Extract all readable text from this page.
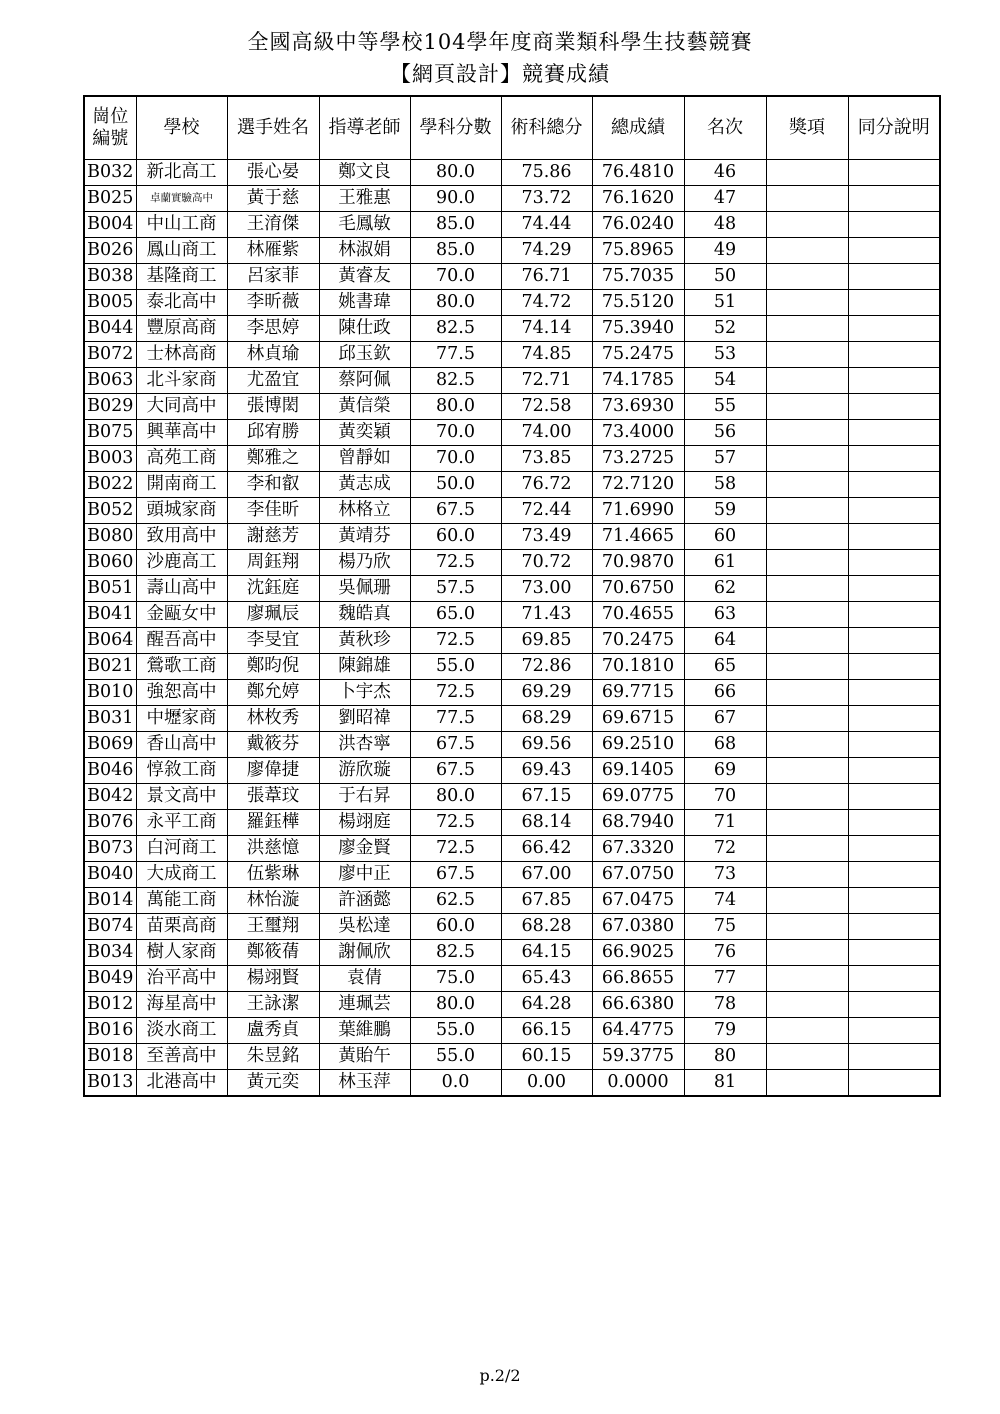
全國高級中等學校104學年度商業類科學生技藝競賽
【網頁設計】競賽成績
崗位編號	學校	選手姓名	指導老師	學科分數	術科總分	總成績	名次	獎項	同分說明
B032	新北高工	張心晏	鄭文良	80.0	75.86	76.4810	46		
B025	卓蘭實驗高中	黃于慈	王雅惠	90.0	73.72	76.1620	47		
B004	中山工商	王淯傑	毛鳳敏	85.0	74.44	76.0240	48		
B026	鳳山商工	林雁紫	林淑娟	85.0	74.29	75.8965	49		
B038	基隆商工	呂家菲	黃睿友	70.0	76.71	75.7035	50		
B005	泰北高中	李昕薇	姚書瑋	80.0	74.72	75.5120	51		
B044	豐原高商	李思婷	陳仕政	82.5	74.14	75.3940	52		
B072	士林高商	林貞瑜	邱玉欽	77.5	74.85	75.2475	53		
B063	北斗家商	尤盈宜	蔡阿佩	82.5	72.71	74.1785	54		
B029	大同高中	張博閎	黃信榮	80.0	72.58	73.6930	55		
B075	興華高中	邱宥勝	黃奕穎	70.0	74.00	73.4000	56		
B003	高苑工商	鄭雅之	曾靜如	70.0	73.85	73.2725	57		
B022	開南商工	李和叡	黃志成	50.0	76.72	72.7120	58		
B052	頭城家商	李佳昕	林格立	67.5	72.44	71.6990	59		
B080	致用高中	謝慈芳	黃靖芬	60.0	73.49	71.4665	60		
B060	沙鹿高工	周鈺翔	楊乃欣	72.5	70.72	70.9870	61		
B051	壽山高中	沈鈺庭	吳佩珊	57.5	73.00	70.6750	62		
B041	金甌女中	廖珮辰	魏皓真	65.0	71.43	70.4655	63		
B064	醒吾高中	李旻宜	黃秋珍	72.5	69.85	70.2475	64		
B021	鶯歌工商	鄭昀倪	陳錦雄	55.0	72.86	70.1810	65		
B010	強恕高中	鄭允婷	卜宇杰	72.5	69.29	69.7715	66		
B031	中壢家商	林枚秀	劉昭禕	77.5	68.29	69.6715	67		
B069	香山高中	戴筱芬	洪杏寧	67.5	69.56	69.2510	68		
B046	惇敘工商	廖偉捷	游欣璇	67.5	69.43	69.1405	69		
B042	景文高中	張葦玟	于右昇	80.0	67.15	69.0775	70		
B076	永平工商	羅鈺樺	楊翊庭	72.5	68.14	68.7940	71		
B073	白河商工	洪慈憶	廖金賢	72.5	66.42	67.3320	72		
B040	大成商工	伍紫琳	廖中正	67.5	67.00	67.0750	73		
B014	萬能工商	林怡漩	許涵懿	62.5	67.85	67.0475	74		
B074	苗栗高商	王璽翔	吳松達	60.0	68.28	67.0380	75		
B034	樹人家商	鄭筱蒨	謝佩欣	82.5	64.15	66.9025	76		
B049	治平高中	楊翊賢	袁倩	75.0	65.43	66.8655	77		
B012	海星高中	王詠潔	連珮芸	80.0	64.28	66.6380	78		
B016	淡水商工	盧秀貞	葉維鵬	55.0	66.15	64.4775	79		
B018	至善高中	朱昱銘	黃貽午	55.0	60.15	59.3775	80		
B013	北港高中	黃元奕	林玉萍	0.0	0.00	0.0000	81		
p.2/2
